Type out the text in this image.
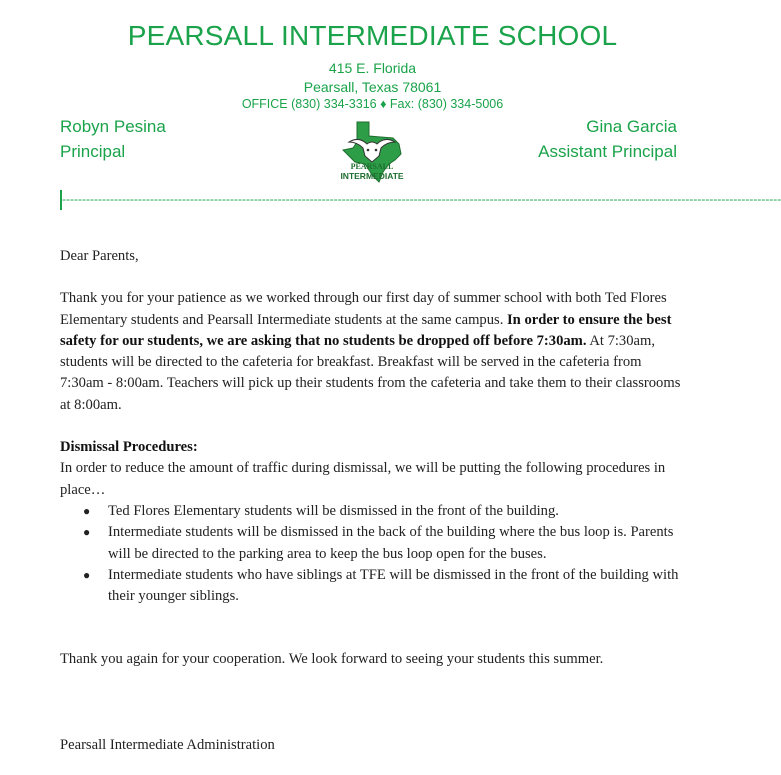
PEARSALL INTERMEDIATE SCHOOL
415 E. Florida
Pearsall, Texas 78061
OFFICE (830) 334-3316 ♦ Fax: (830) 334-5006
Robyn Pesina
Principal
Gina Garcia
Assistant Principal
PEARSALL
INTERMEDIATE
------------------------------------------------------------------------------------------------------------------------------------------------------------------------------------

Dear Parents,

Thank you for your patience as we worked through our first day of summer school with both Ted Flores Elementary students and Pearsall Intermediate students at the same campus. In order to ensure the best safety for our students, we are asking that no students be dropped off before 7:30am. At 7:30am, students will be directed to the cafeteria for breakfast. Breakfast will be served in the cafeteria from 7:30am - 8:00am. Teachers will pick up their students from the cafeteria and take them to their classrooms at 8:00am.

Dismissal Procedures:

In order to reduce the amount of traffic during dismissal, we will be putting the following procedures in place…

● Ted Flores Elementary students will be dismissed in the front of the building.
● Intermediate students will be dismissed in the back of the building where the bus loop is. Parents will be directed to the parking area to keep the bus loop open for the buses.
● Intermediate students who have siblings at TFE will be dismissed in the front of the building with their younger siblings.

Thank you again for your cooperation. We look forward to seeing your students this summer.

Pearsall Intermediate Administration
